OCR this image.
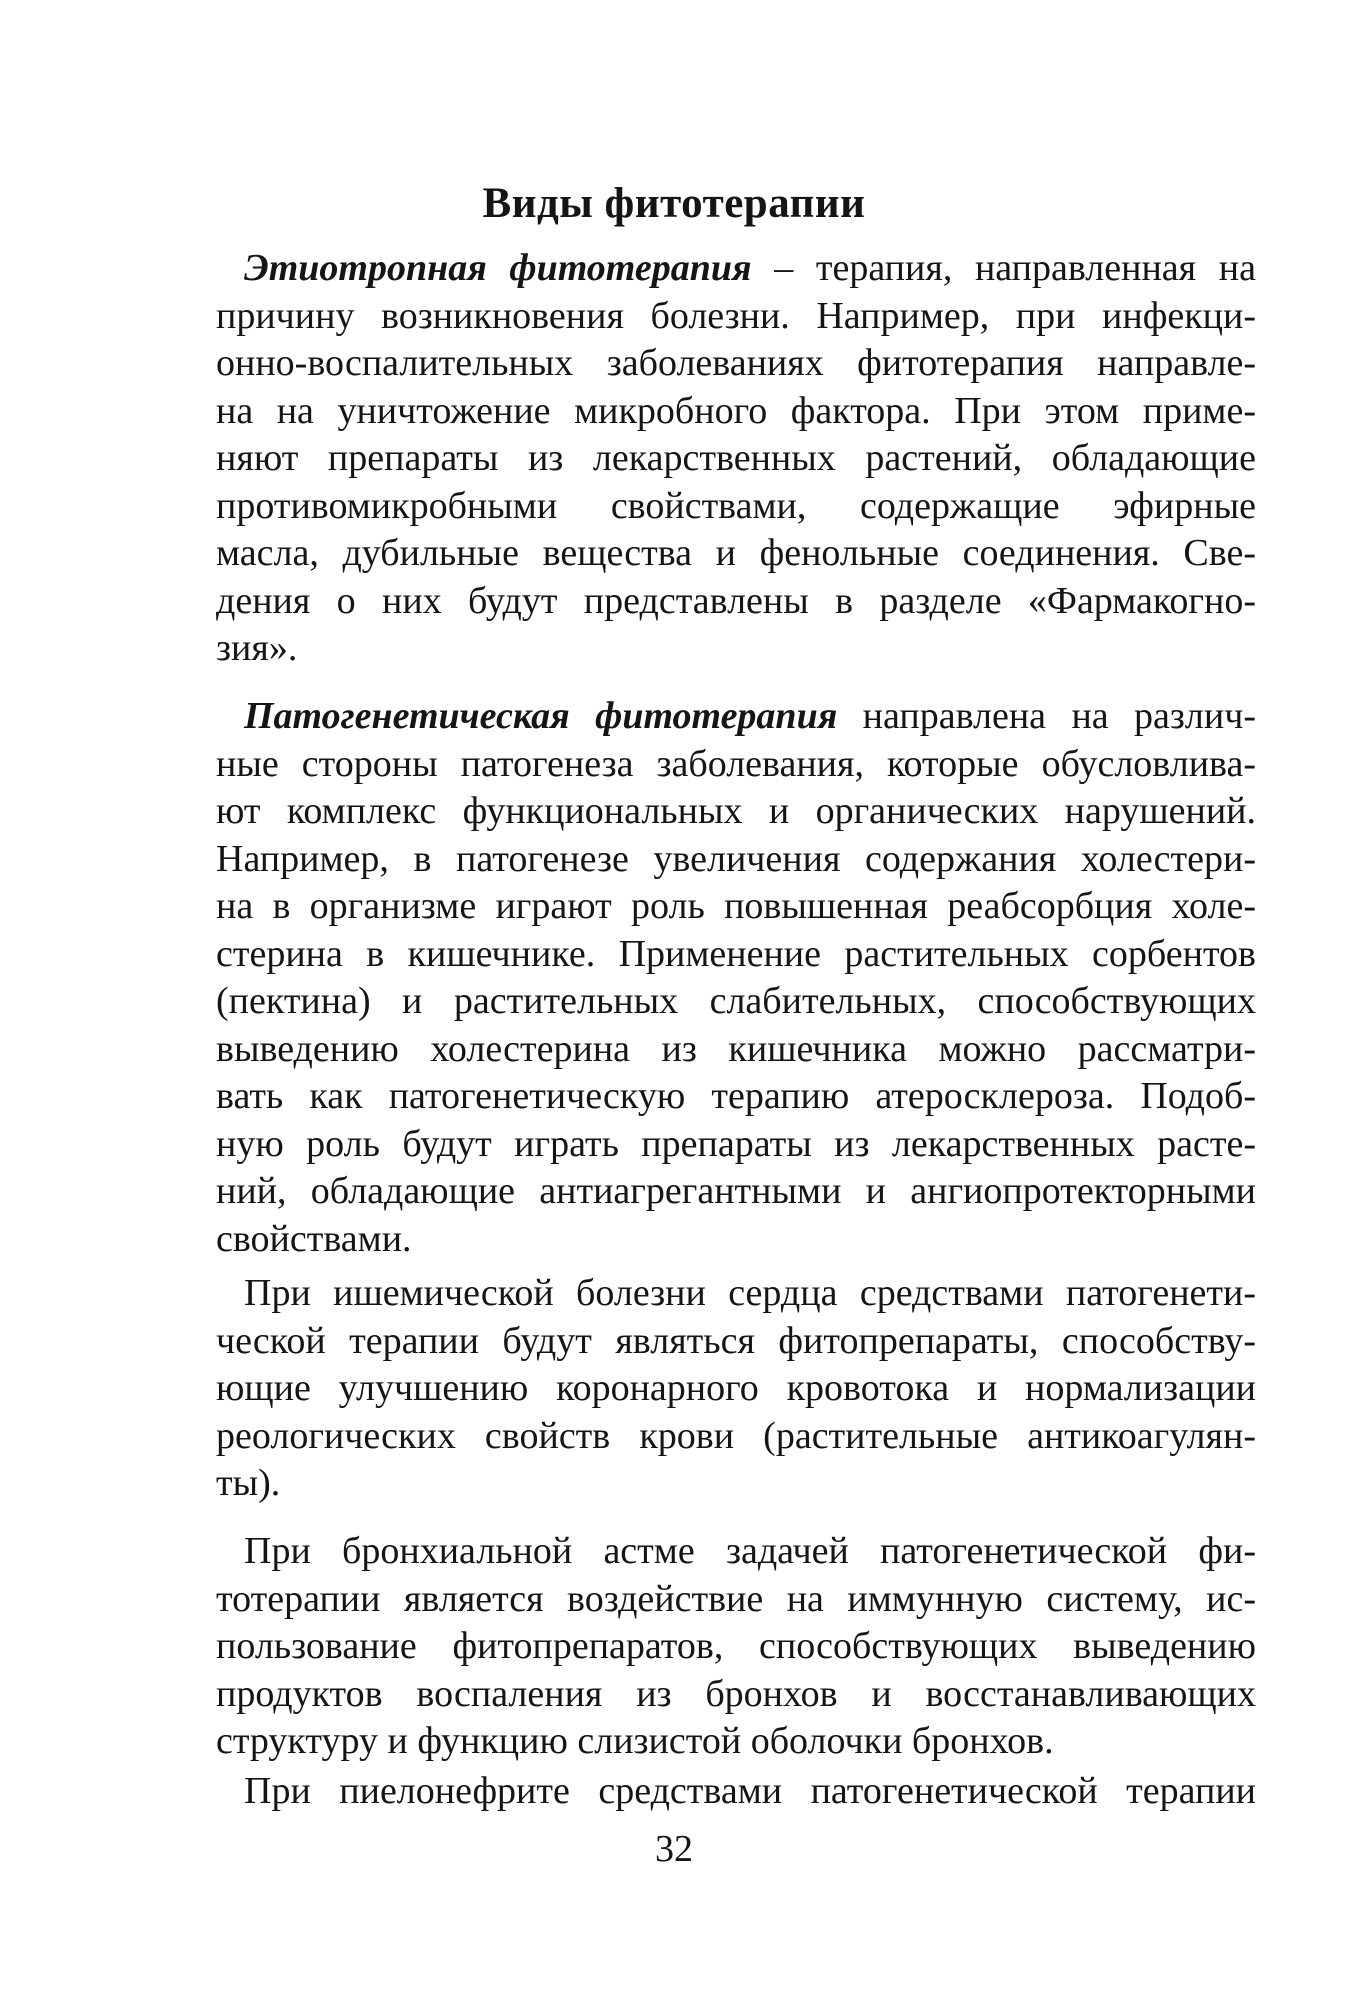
Виды фитотерапии
Этиотропная фитотерапия – терапия, направленная на
причину возникновения болезни. Например, при инфекци-
онно-воспалительных заболеваниях фитотерапия направле-
на на уничтожение микробного фактора. При этом приме-
няют препараты из лекарственных растений, обладающие
противомикробными свойствами, содержащие эфирные
масла, дубильные вещества и фенольные соединения. Све-
дения о них будут представлены в разделе «Фармакогно-
зия».
Патогенетическая фитотерапия направлена на различ-
ные стороны патогенеза заболевания, которые обусловлива-
ют комплекс функциональных и органических нарушений.
Например, в патогенезе увеличения содержания холестери-
на в организме играют роль повышенная реабсорбция холе-
стерина в кишечнике. Применение растительных сорбентов
(пектина) и растительных слабительных, способствующих
выведению холестерина из кишечника можно рассматри-
вать как патогенетическую терапию атеросклероза. Подоб-
ную роль будут играть препараты из лекарственных расте-
ний, обладающие антиагрегантными и ангиопротекторными
свойствами.
При ишемической болезни сердца средствами патогенети-
ческой терапии будут являться фитопрепараты, способству-
ющие улучшению коронарного кровотока и нормализации
реологических свойств крови (растительные антикоагулян-
ты).
При бронхиальной астме задачей патогенетической фи-
тотерапии является воздействие на иммунную систему, ис-
пользование фитопрепаратов, способствующих выведению
продуктов воспаления из бронхов и восстанавливающих
структуру и функцию слизистой оболочки бронхов.
При пиелонефрите средствами патогенетической терапии
32
